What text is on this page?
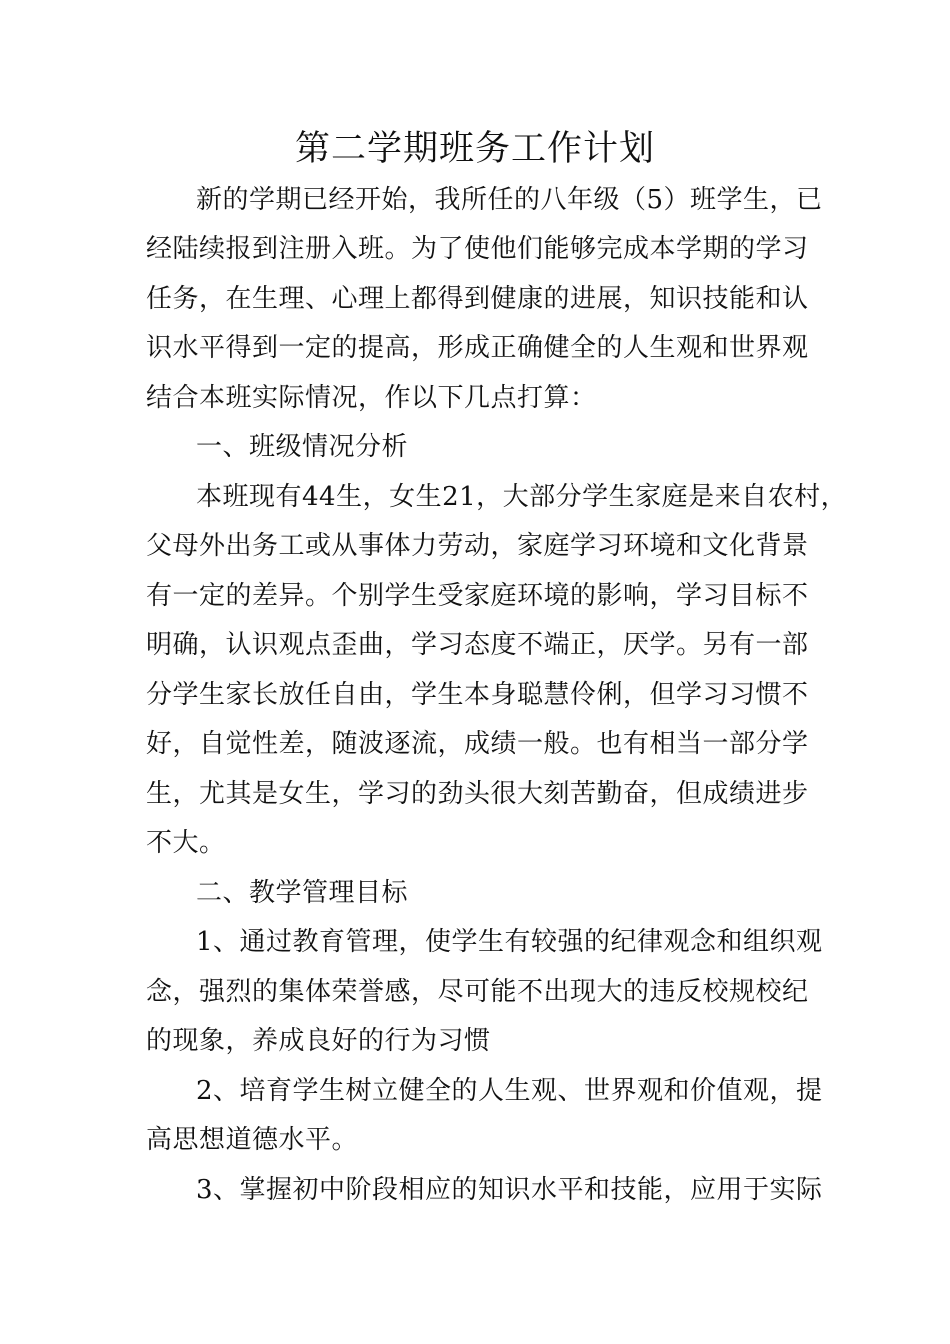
第二学期班务工作计划
新的学期已经开始，我所任的八年级（5）班学生，已
经陆续报到注册入班。为了使他们能够完成本学期的学习
任务，在生理、心理上都得到健康的进展，知识技能和认
识水平得到一定的提高，形成正确健全的人生观和世界观
结合本班实际情况，作以下几点打算：
一、班级情况分析
本班现有44生，女生21，大部分学生家庭是来自农村，
父母外出务工或从事体力劳动，家庭学习环境和文化背景
有一定的差异。个别学生受家庭环境的影响，学习目标不
明确，认识观点歪曲，学习态度不端正，厌学。另有一部
分学生家长放任自由，学生本身聪慧伶俐，但学习习惯不
好，自觉性差，随波逐流，成绩一般。也有相当一部分学
生，尤其是女生，学习的劲头很大刻苦勤奋，但成绩进步
不大。
二、教学管理目标
1、通过教育管理，使学生有较强的纪律观念和组织观
念，强烈的集体荣誉感，尽可能不出现大的违反校规校纪
的现象，养成良好的行为习惯
2、培育学生树立健全的人生观、世界观和价值观，提
高思想道德水平。
3、掌握初中阶段相应的知识水平和技能，应用于实际
